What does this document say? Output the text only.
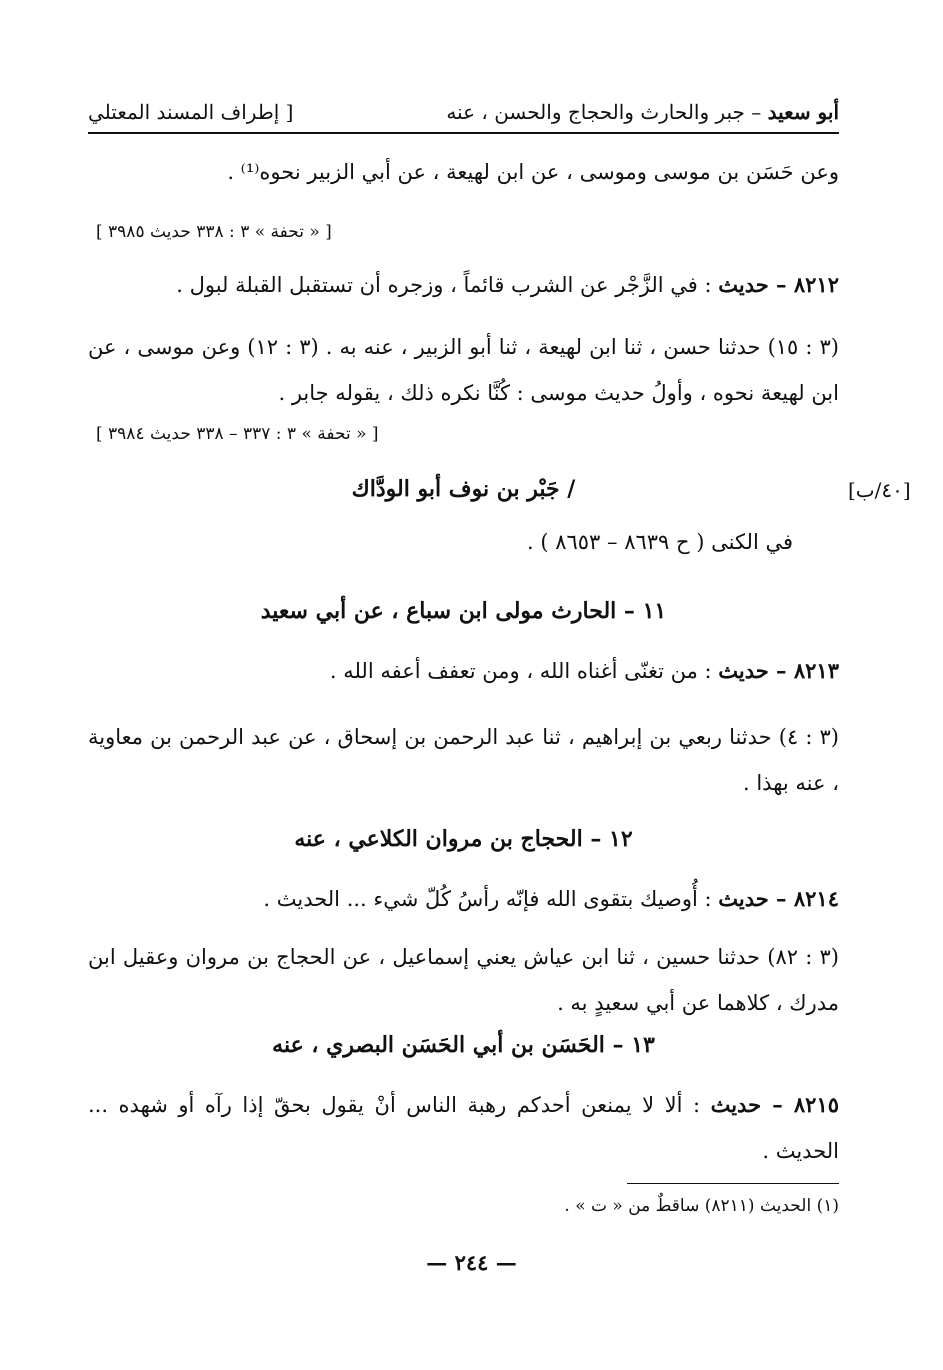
أبو سعيد – جبر والحارث والحجاج والحسن ، عنه
[ إطراف المسند المعتلي
وعن حَسَن بن موسى وموسى ، عن ابن لهيعة ، عن أبي الزبير نحوه⁽¹⁾ .
[ « تحفة » ٣ : ٣٣٨ حديث ٣٩٨٥ ]
٨٢١٢ – حديث : في الزَّجْر عن الشرب قائماً ، وزجره أن تستقبل القبلة لبول .
(٣ : ١٥) حدثنا حسن ، ثنا ابن لهيعة ، ثنا أبو الزبير ، عنه به . (٣ : ١٢) وعن موسى ، عن ابن لهيعة نحوه ، وأولُ حديث موسى : كُنَّا نكره ذلك ، يقوله جابر .
[ « تحفة » ٣ : ٣٣٧ – ٣٣٨ حديث ٣٩٨٤ ]
[٤٠/ب]
/ جَبْر بن نوف أبو الودَّاك
في الكنى ( ح ٨٦٣٩ – ٨٦٥٣ ) .
١١ – الحارث مولى ابن سباع ، عن أبي سعيد
٨٢١٣ – حديث : من تغنّى أغناه الله ، ومن تعفف أعفه الله .
(٣ : ٤) حدثنا ربعي بن إبراهيم ، ثنا عبد الرحمن بن إسحاق ، عن عبد الرحمن بن معاوية ، عنه بهذا .
١٢ – الحجاج بن مروان الكلاعي ، عنه
٨٢١٤ – حديث : أُوصيك بتقوى الله فإنّه رأسُ كُلّ شيء ... الحديث .
(٣ : ٨٢) حدثنا حسين ، ثنا ابن عياش يعني إسماعيل ، عن الحجاج بن مروان وعقيل ابن مدرك ، كلاهما عن أبي سعيدٍ به .
١٣ – الحَسَن بن أبي الحَسَن البصري ، عنه
٨٢١٥ – حديث : ألا لا يمنعن أحدكم رهبة الناس أنْ يقول بحقّ إذا رآه أو شهده ... الحديث .
(١) الحديث (٨٢١١) ساقطٌ من « ت » .
— ٢٤٤ —
